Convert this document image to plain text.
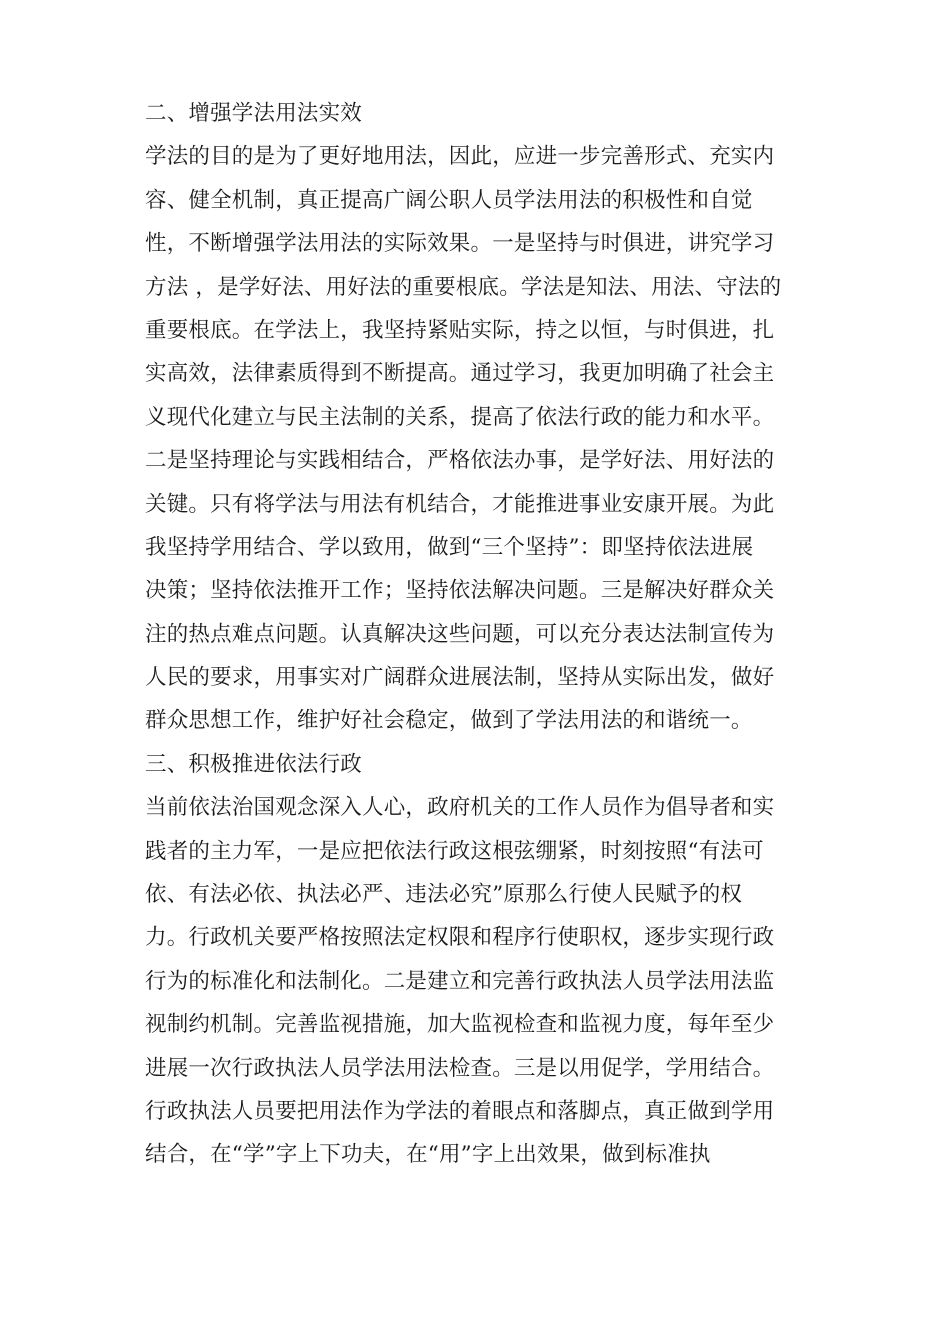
二、增强学法用法实效
学法的目的是为了更好地用法，因此，应进一步完善形式、充实内
容、健全机制，真正提高广阔公职人员学法用法的积极性和自觉
性，不断增强学法用法的实际效果。一是坚持与时俱进，讲究学习
方法 ，是学好法、用好法的重要根底。学法是知法、用法、守法的
重要根底。在学法上，我坚持紧贴实际，持之以恒，与时俱进，扎
实高效，法律素质得到不断提高。通过学习，我更加明确了社会主
义现代化建立与民主法制的关系，提高了依法行政的能力和水平。
二是坚持理论与实践相结合，严格依法办事，是学好法、用好法的
关键。只有将学法与用法有机结合，才能推进事业安康开展。为此
我坚持学用结合、学以致用，做到“三个坚持”：即坚持依法进展
决策；坚持依法推开工作；坚持依法解决问题。三是解决好群众关
注的热点难点问题。认真解决这些问题，可以充分表达法制宣传为
人民的要求，用事实对广阔群众进展法制，坚持从实际出发，做好
群众思想工作，维护好社会稳定，做到了学法用法的和谐统一。
三、积极推进依法行政
当前依法治国观念深入人心，政府机关的工作人员作为倡导者和实
践者的主力军，一是应把依法行政这根弦绷紧，时刻按照“有法可
依、有法必依、执法必严、违法必究”原那么行使人民赋予的权
力。行政机关要严格按照法定权限和程序行使职权，逐步实现行政
行为的标准化和法制化。二是建立和完善行政执法人员学法用法监
视制约机制。完善监视措施，加大监视检查和监视力度，每年至少
进展一次行政执法人员学法用法检查。三是以用促学，学用结合。
行政执法人员要把用法作为学法的着眼点和落脚点，真正做到学用
结合，在“学”字上下功夫，在“用”字上出效果，做到标准执
